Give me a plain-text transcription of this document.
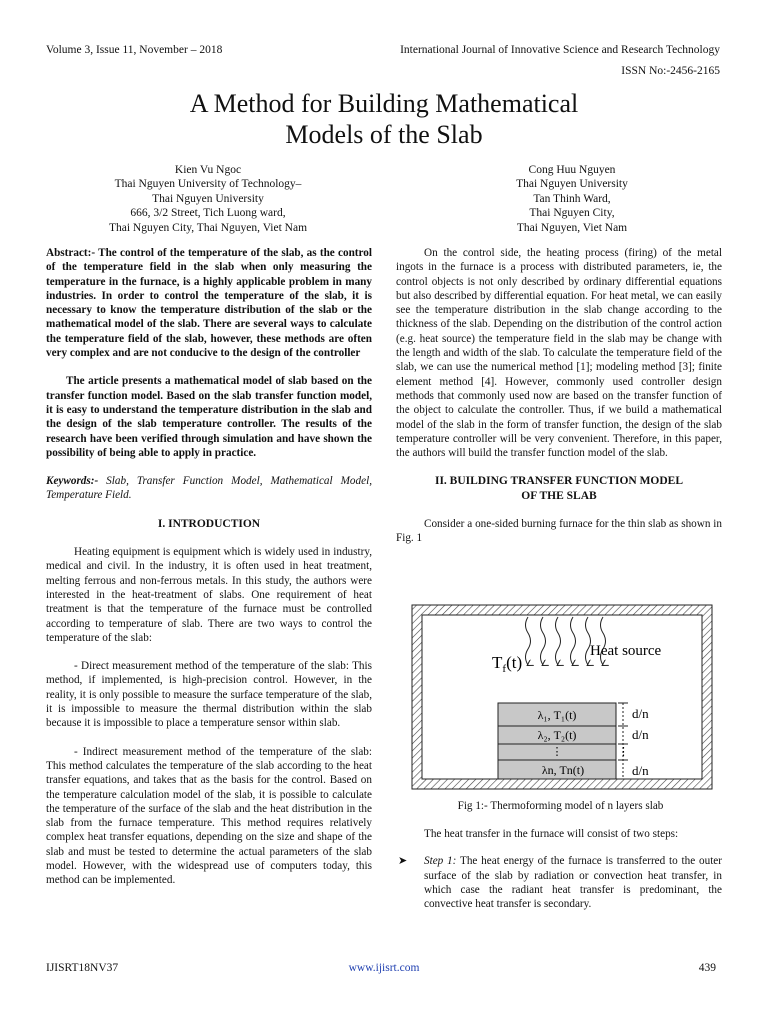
Volume 3, Issue 11, November – 2018	International Journal of Innovative Science and Research Technology
ISSN No:-2456-2165
A Method for Building Mathematical
Models of the Slab
Kien Vu Ngoc
Thai Nguyen University of Technology–
Thai Nguyen University
666, 3/2 Street, Tich Luong ward,
Thai Nguyen City, Thai Nguyen, Viet Nam
Cong Huu Nguyen
Thai Nguyen University
Tan Thinh Ward,
Thai Nguyen City,
Thai Nguyen, Viet Nam

Abstract:- The control of the temperature of the slab, as the control of the temperature field in the slab when only measuring the temperature in the furnace, is a highly applicable problem in many industries. In order to control the temperature of the slab, it is necessary to know the temperature distribution of the slab or the mathematical model of the slab. There are several ways to calculate the temperature field of the slab, however, these methods are often very complex and are not conducive to the design of the controller

The article presents a mathematical model of slab based on the transfer function model. Based on the slab transfer function model, it is easy to understand the temperature distribution in the slab and the design of the slab temperature controller. The results of the research have been verified through simulation and have shown the possibility of being able to apply in practice.

Keywords:- Slab, Transfer Function Model, Mathematical Model, Temperature Field.

I. INTRODUCTION

Heating equipment is equipment which is widely used in industry, medical and civil. In the industry, it is often used in heat treatment, melting ferrous and non-ferrous metals. In this study, the authors were interested in the heat-treatment of slabs. One requirement of heat treatment is that the temperature of the furnace must be controlled according to temperature of slab. There are two ways to control the temperature of the slab:

- Direct measurement method of the temperature of the slab: This method, if implemented, is high-precision control. However, in the reality, it is only possible to measure the surface temperature of the slab, it is impossible to measure the thermal distribution within the slab because it is impossible to place a temperature sensor within slab.

- Indirect measurement method of the temperature of the slab: This method calculates the temperature of the slab according to the heat transfer equations, and takes that as the basis for the control. Based on the temperature calculation model of the slab, it is possible to calculate the temperature of the surface of the slab and the heat distribution in the slab from the furnace temperature. This method requires relatively complex heat transfer equations, depending on the size and shape of the slab and must be tested to determine the actual parameters of the slab model. However, with the widespread use of computers today, this method can be implemented.

On the control side, the heating process (firing) of the metal ingots in the furnace is a process with distributed parameters, ie, the control objects is not only described by ordinary differential equations but also described by differential equation. For heat metal, we can easily see the temperature distribution in the slab change according to the thickness of the slab. Depending on the distribution of the control action (e.g. heat source) the temperature field in the slab may be change with the length and width of the slab. To calculate the temperature field of the slab, we can use the numerical method [1]; modeling method [3]; finite element method [4]. However, commonly used controller design methods that commonly used now are based on the transfer function of the object to calculate the controller. Thus, if we build a mathematical model of the slab in the form of transfer function, the design of the slab temperature controller will be very convenient. Therefore, in this paper, the authors will build the transfer function model of the slab.

II. BUILDING TRANSFER FUNCTION MODEL
OF THE SLAB

Consider a one-sided burning furnace for the thin slab as shown in Fig. 1

$T_f(t)$
Heat source
λ₁, T₁(t)
λ₂, T₂(t)
⋮
λn, Tn(t)
d/n
d/n
⋮
d/n
Fig 1:- Thermoforming model of n layers slab

The heat transfer in the furnace will consist of two steps:

➤	Step 1: The heat energy of the furnace is transferred to the outer surface of the slab by radiation or convection heat transfer, in which case the radiant heat transfer is predominant, the convective heat transfer is secondary.

IJISRT18NV37	www.ijisrt.com	439
